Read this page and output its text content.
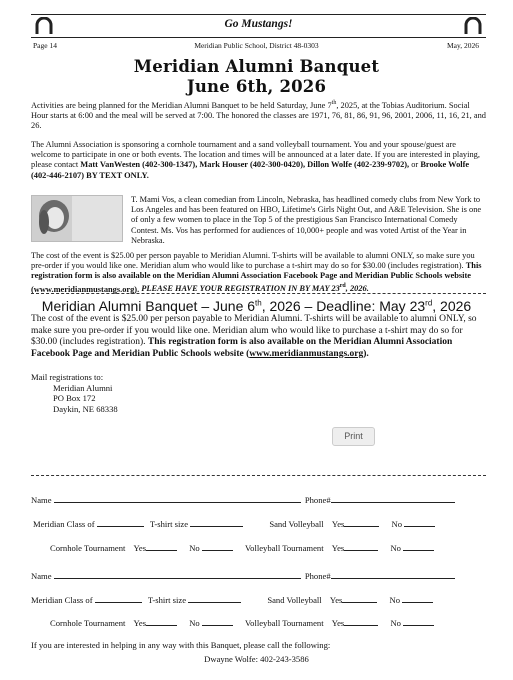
Go Mustangs!
Page 14	Meridian Public School, District 48-0303	May, 2026
Meridian Alumni Banquet
June 6th, 2026
Activities are being planned for the Meridian Alumni Banquet to be held Saturday, June 7th, 2025, at the Tobias Auditorium. Social Hour starts at 6:00 and the meal will be served at 7:00. The honored the classes are 1971, 76, 81, 86, 91, 96, 2001, 2006, 11, 16, 21, and 26.
The Alumni Association is sponsoring a cornhole tournament and a sand volleyball tournament. You and your spouse/guest are welcome to participate in one or both events. The location and times will be announced at a later date. If you are interested in playing, please contact Matt VanWesten (402-300-1347), Mark Houser (402-300-0420), Dillon Wolfe (402-239-9702), or Brooke Wolfe (402-446-2107) BY TEXT ONLY.
T. Mami Vos, a clean comedian from Lincoln, Nebraska, has headlined comedy clubs from New York to Los Angeles and has been featured on HBO, Lifetime's Girls Night Out, and A&E Television. She is one of only a few women to place in the Top 5 of the prestigious San Francisco International Comedy Contest. Ms. Vos has performed for audiences of 10,000+ people and was voted Artist of the Year in Nebraska.
The cost of the event is $25.00 per person payable to Meridian Alumni. T-shirts will be available to alumni ONLY, so make sure you pre-order if you would like one. Meridian alum who would like to purchase a t-shirt may do so for $30.00 (includes registration). This registration form is also available on the Meridian Alumni Association Facebook Page and Meridian Public Schools website (www.meridianmustangs.org). PLEASE HAVE YOUR REGISTRATION IN BY MAY 23rd, 2026.
Meridian Alumni Banquet – June 6th, 2026 – Deadline: May 23rd, 2026
The cost of the event is $25.00 per person payable to Meridian Alumni. T-shirts will be available to alumni ONLY, so make sure you pre-order if you would like one. Meridian alum who would like to purchase a t-shirt may do so for $30.00 (includes registration). This registration form is also available on the Meridian Alumni Association Facebook Page and Meridian Public Schools website (www.meridianmustangs.org).
Mail registrations to:
Meridian Alumni
PO Box 172
Daykin, NE 68338
Print
Name	Phone#
Meridian Class of	T-shirt size	Sand Volleyball Yes	No
Cornhole Tournament Yes	No	Volleyball Tournament Yes	No
Name	Phone#
Meridian Class of	T-shirt size	Sand Volleyball Yes	No
Cornhole Tournament Yes	No	Volleyball Tournament Yes	No
If you are interested in helping in any way with this Banquet, please call the following:
Dwayne Wolfe: 402-243-3586
